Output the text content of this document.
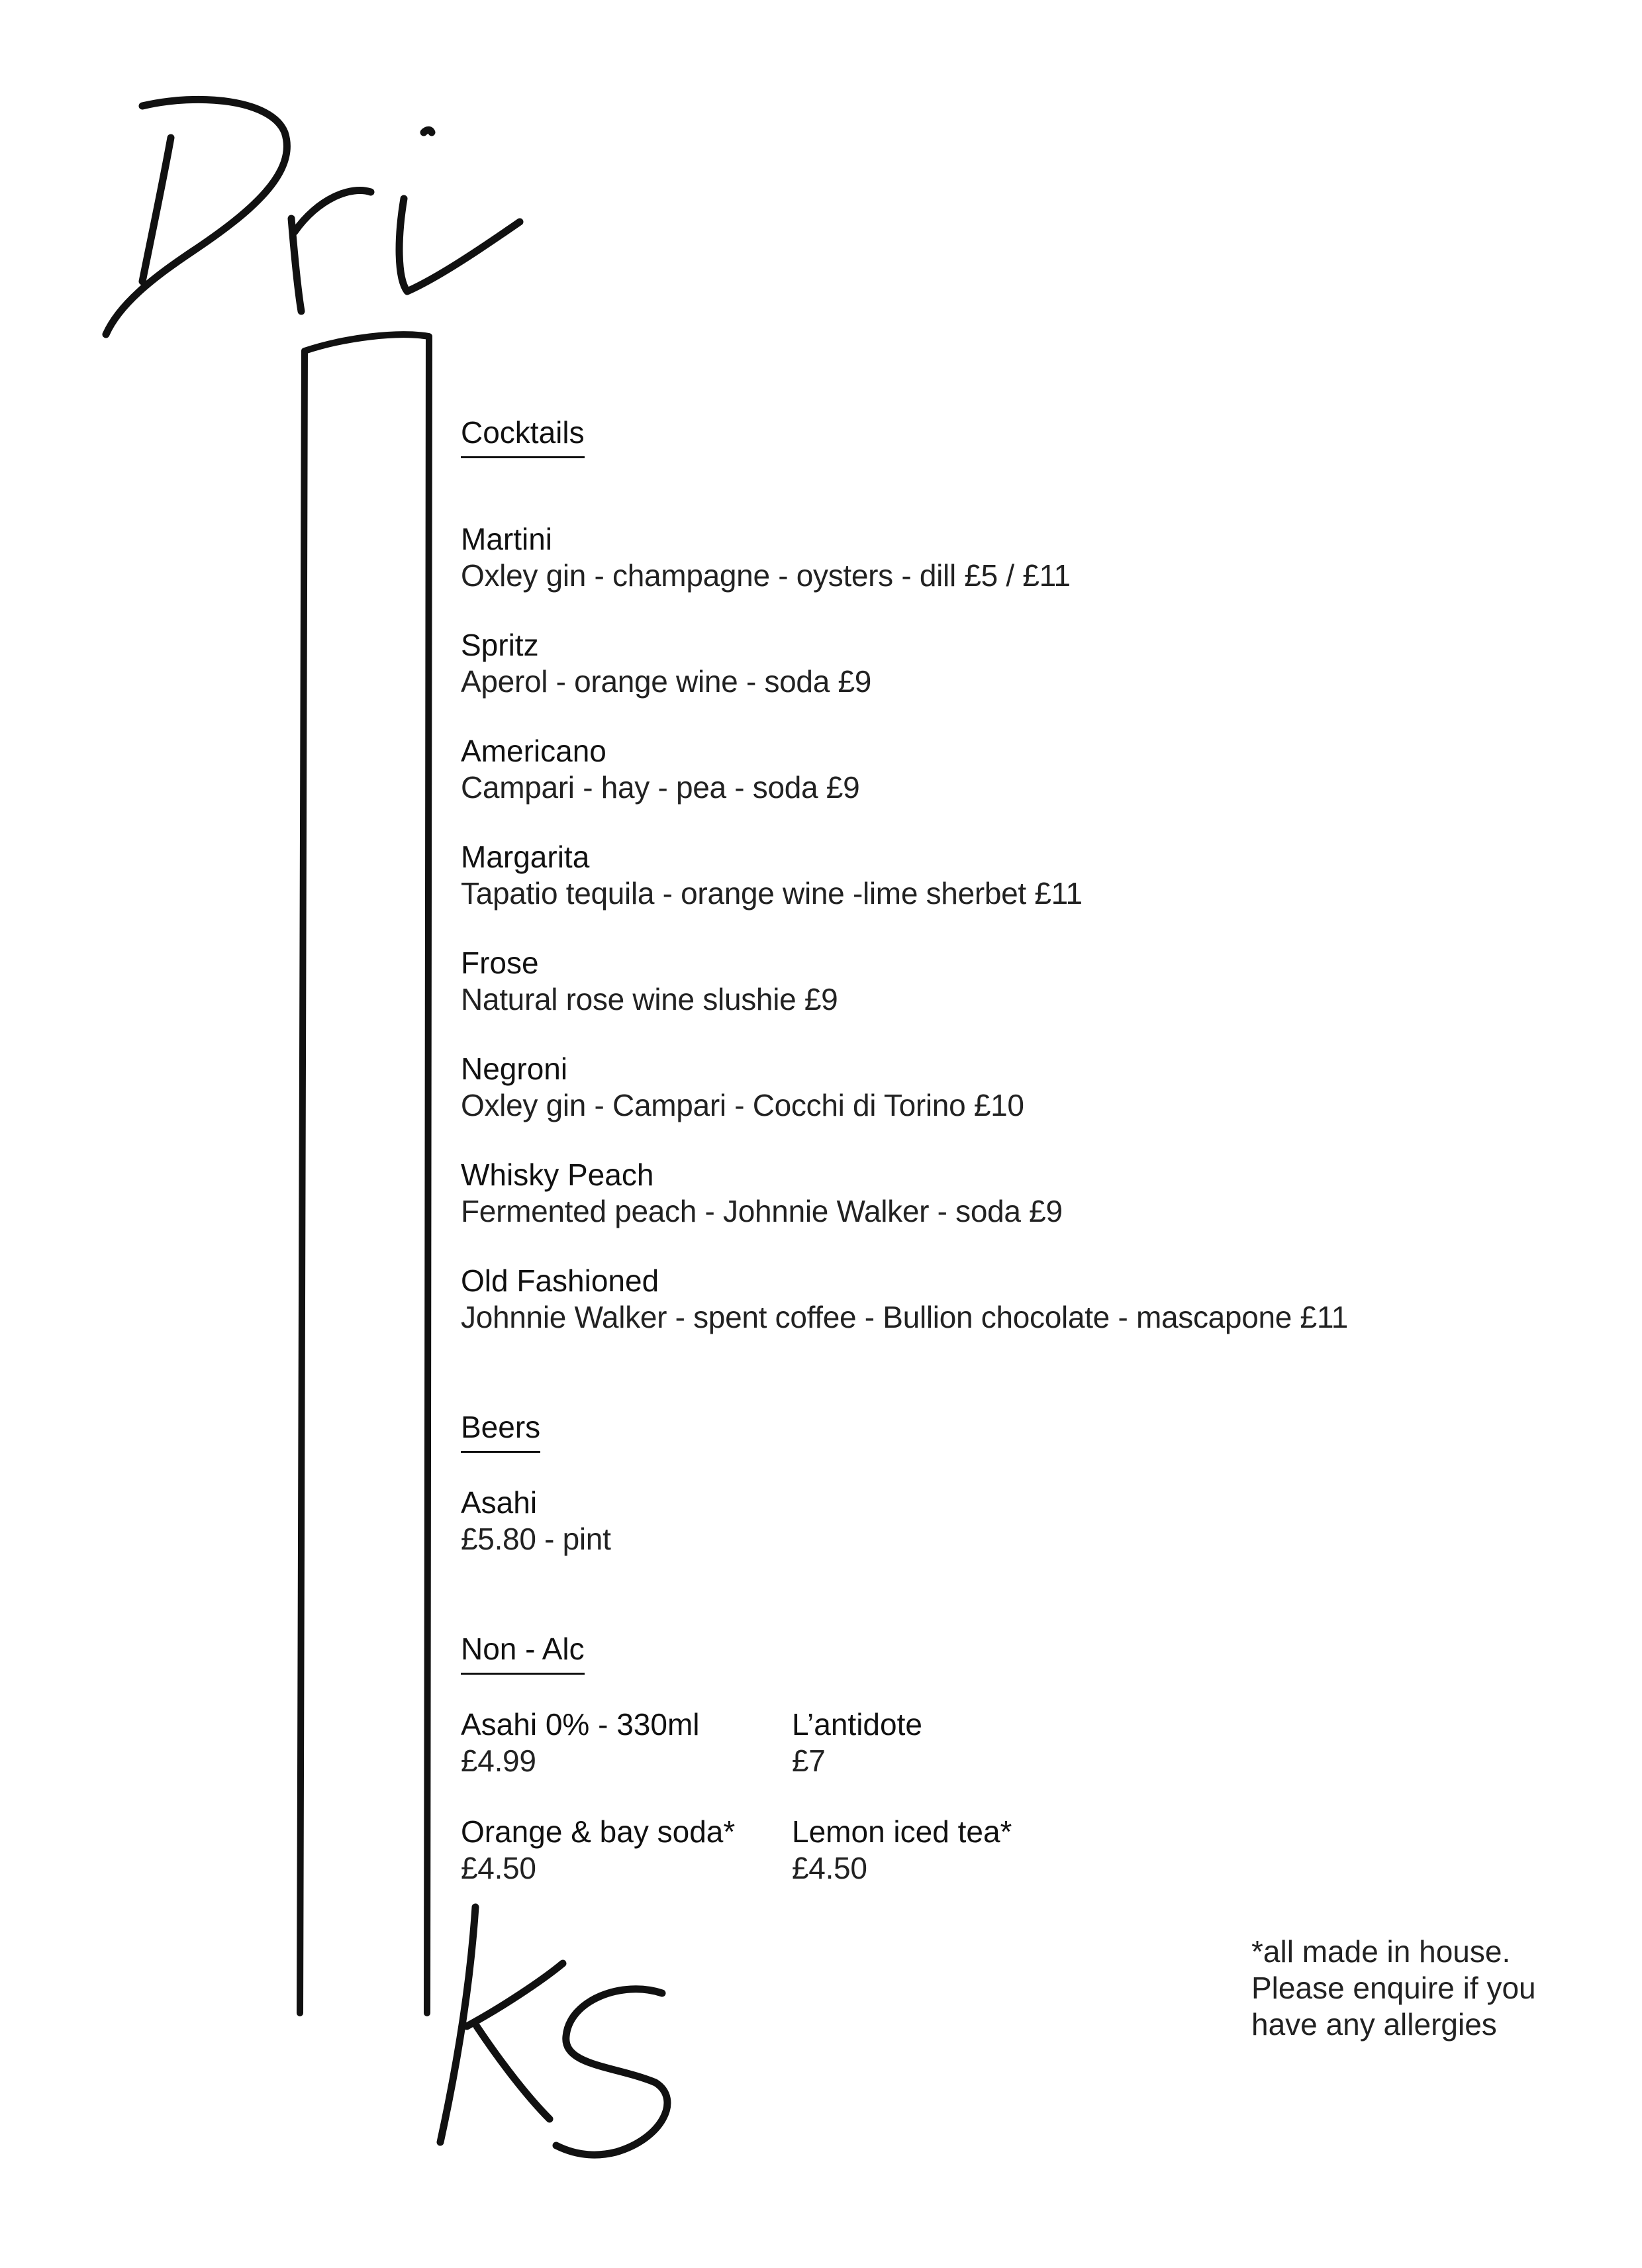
Cocktails
Martini
Oxley gin - champagne - oysters - dill £5 / £11
Spritz
Aperol - orange wine - soda £9
Americano
Campari - hay - pea - soda £9
Margarita
Tapatio tequila - orange wine -lime sherbet £11
Frose
Natural rose wine slushie £9
Negroni
Oxley gin - Campari - Cocchi di Torino £10
Whisky Peach
Fermented peach - Johnnie Walker - soda £9
Old Fashioned
Johnnie Walker - spent coffee - Bullion chocolate - mascapone £11
Beers
Asahi
£5.80 - pint
Non - Alc
Asahi 0% - 330ml
£4.99
L’antidote
£7
Orange & bay soda*
£4.50
Lemon iced tea*
£4.50
*all made in house.
Please enquire if you
have any allergies
